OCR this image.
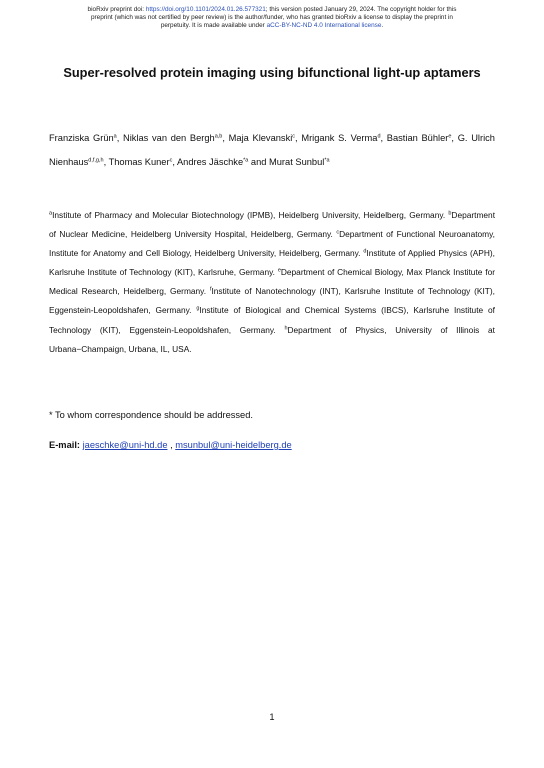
bioRxiv preprint doi: https://doi.org/10.1101/2024.01.26.577321; this version posted January 29, 2024. The copyright holder for this
preprint (which was not certified by peer review) is the author/funder, who has granted bioRxiv a license to display the preprint in
perpetuity. It is made available under aCC-BY-NC-ND 4.0 International license.
Super-resolved protein imaging using bifunctional light-up aptamers
Franziska Grün$^a$, Niklas van den Bergh$^{a,b}$, Maja Klevanski$^c$, Mrigank S. Verma$^d$, Bastian Bühler$^e$, G. Ulrich Nienhaus$^{d,f,g,h}$, Thomas Kuner$^c$, Andres Jäschke$^{*a}$ and Murat Sunbul$^{*a}$
$^a$Institute of Pharmacy and Molecular Biotechnology (IPMB), Heidelberg University, Heidelberg, Germany. $^b$Department of Nuclear Medicine, Heidelberg University Hospital, Heidelberg, Germany. $^c$Department of Functional Neuroanatomy, Institute for Anatomy and Cell Biology, Heidelberg University, Heidelberg, Germany. $^d$Institute of Applied Physics (APH), Karlsruhe Institute of Technology (KIT), Karlsruhe, Germany. $^e$Department of Chemical Biology, Max Planck Institute for Medical Research, Heidelberg, Germany. $^f$Institute of Nanotechnology (INT), Karlsruhe Institute of Technology (KIT), Eggenstein-Leopoldshafen, Germany. $^g$Institute of Biological and Chemical Systems (IBCS), Karlsruhe Institute of Technology (KIT), Eggenstein-Leopoldshafen, Germany. $^h$Department of Physics, University of Illinois at Urbana−Champaign, Urbana, IL, USA.
* To whom correspondence should be addressed.
E-mail: jaeschke@uni-hd.de , msunbul@uni-heidelberg.de
1
